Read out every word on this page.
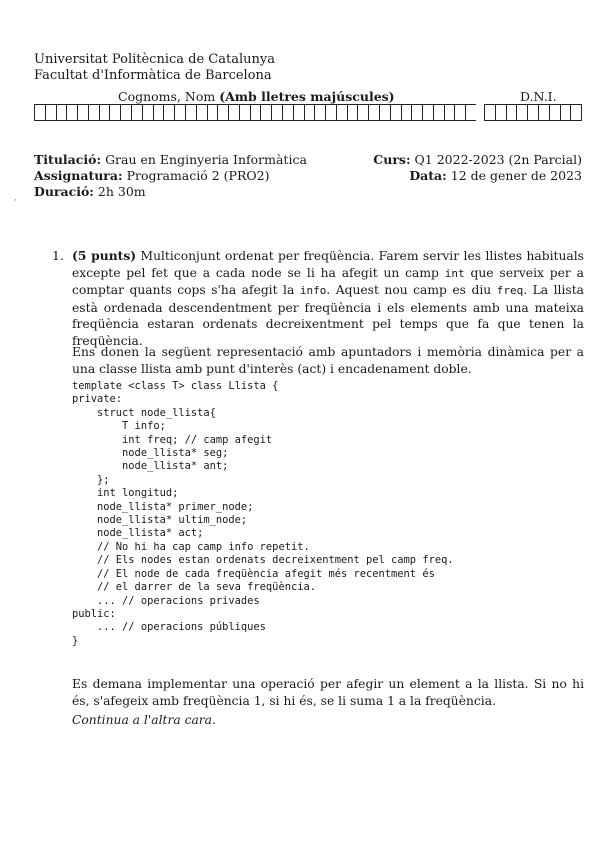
Universitat Politècnica de Catalunya
Facultat d'Informàtica de Barcelona
Cognoms, Nom (Amb lletres majúscules)	D.N.I.
Titulació: Grau en Enginyeria Informàtica
Assignatura: Programació 2 (PRO2)
Duració: 2h 30m
Curs: Q1 2022-2023 (2n Parcial)
Data: 12 de gener de 2023
·
1. (5 punts) Multiconjunt ordenat per freqüència. Farem servir les llistes habituals excepte pel fet que a cada node se li ha afegit un camp int que serveix per a comptar quants cops s'ha afegit la info. Aquest nou camp es diu freq. La llista està ordenada descendentment per freqüència i els elements amb una mateixa freqüència estaran ordenats decreixentment pel temps que fa que tenen la freqüència.
Ens donen la següent representació amb apuntadors i memòria dinàmica per a una classe llista amb punt d'interès (act) i encadenament doble.
template <class T> class Llista {
private:
struct node_llista{
T info;
int freq; // camp afegit
node_llista* seg;
node_llista* ant;
};
int longitud;
node_llista* primer_node;
node_llista* ultim_node;
node_llista* act;
// No hi ha cap camp info repetit.
// Els nodes estan ordenats decreixentment pel camp freq.
// El node de cada freqüència afegit més recentment és
// el darrer de la seva freqüència.
... // operacions privades
public:
... // operacions públiques
}
Es demana implementar una operació per afegir un element a la llista. Si no hi és, s'afegeix amb freqüència 1, si hi és, se li suma 1 a la freqüència.
Continua a l'altra cara.
